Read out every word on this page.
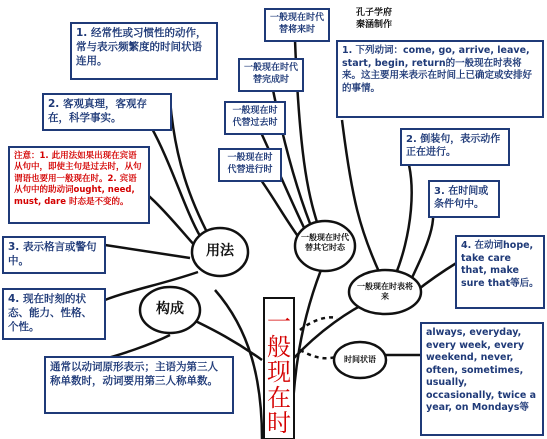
孔子学府
秦涵制作
一般现在时
用法
构成
一般现在时代替其它时态
一般现在时表将来
时间状语
1. 经常性或习惯性的动作，常与表示频繁度的时间状语连用。
2. 客观真理，客观存在，科学事实。
注意：1. 此用法如果出现在宾语从句中，即使主句是过去时，从句谓语也要用一般现在时。2. 宾语从句中的助动词ought, need, must, dare 时态是不变的。
3. 表示格言或警句中。
4. 现在时刻的状态、能力、性格、个性。
通常以动词原形表示；主语为第三人称单数时，动词要用第三人称单数。
一般现在时代替将来时
一般现在时代替完成时
一般现在时代替过去时
一般现在时代替进行时
1. 下列动词：come, go, arrive, leave, start, begin, return的一般现在时表将来。这主要用来表示在时间上已确定或安排好的事情。
2. 倒装句，表示动作正在进行。
3. 在时间或条件句中。
4. 在动词hope, take care that, make sure that等后。
always, everyday, every week, every weekend, never, often, sometimes, usually, occasionally, twice a year, on Mondays等
